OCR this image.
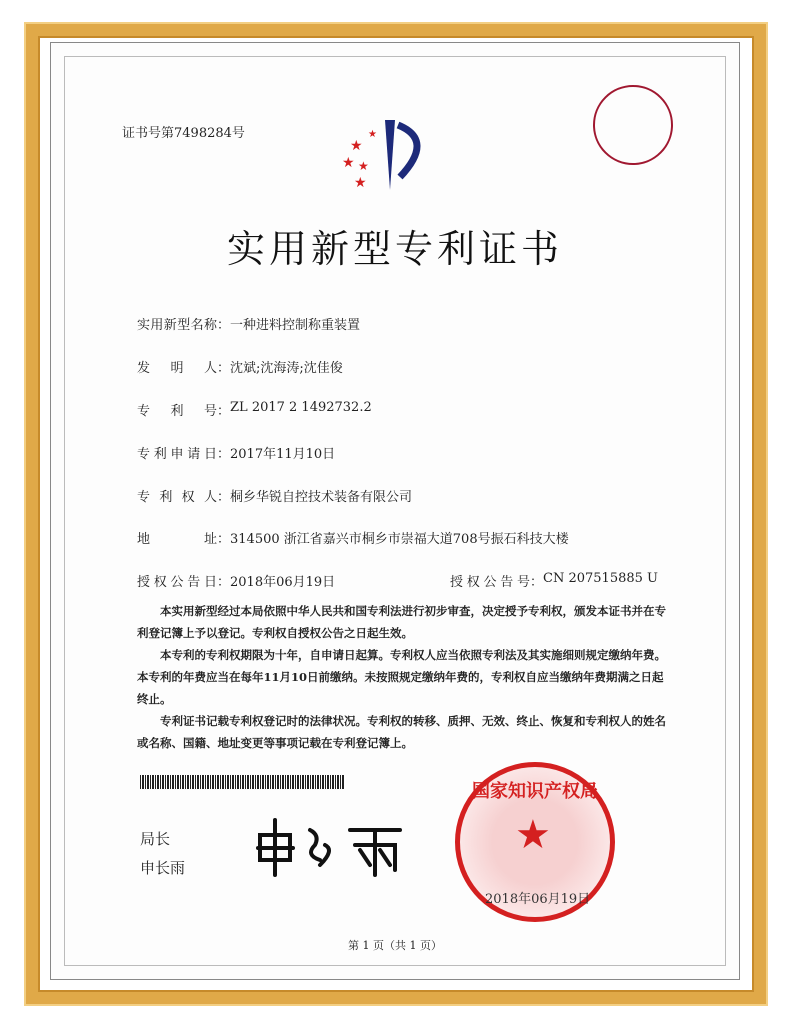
证书号第7498284号
★
★ ★
★
★
实用新型专利证书
实用新型名称 ： 一种进料控制称重装置
发明人 ： 沈斌;沈海涛;沈佳俊
专利号 ： ZL 2017 2 1492732.2
专利申请日 ： 2017年11月10日
专利权人 ： 桐乡华锐自控技术装备有限公司
地址 ： 314500 浙江省嘉兴市桐乡市崇福大道708号振石科技大楼
授权公告日 ： 2018年06月19日	授权公告号 ： CN 207515885 U
本实用新型经过本局依照中华人民共和国专利法进行初步审查，决定授予专利权，颁发本证书并在专利登记簿上予以登记。专利权自授权公告之日起生效。
本专利的专利权期限为十年，自申请日起算。专利权人应当依照专利法及其实施细则规定缴纳年费。本专利的年费应当在每年11月10日前缴纳。未按照规定缴纳年费的，专利权自应当缴纳年费期满之日起终止。
专利证书记载专利权登记时的法律状况。专利权的转移、质押、无效、终止、恢复和专利权人的姓名或名称、国籍、地址变更等事项记载在专利登记簿上。
局长
申长雨
★
国家知识产权局
2018年06月19日
第 1 页（共 1 页）
